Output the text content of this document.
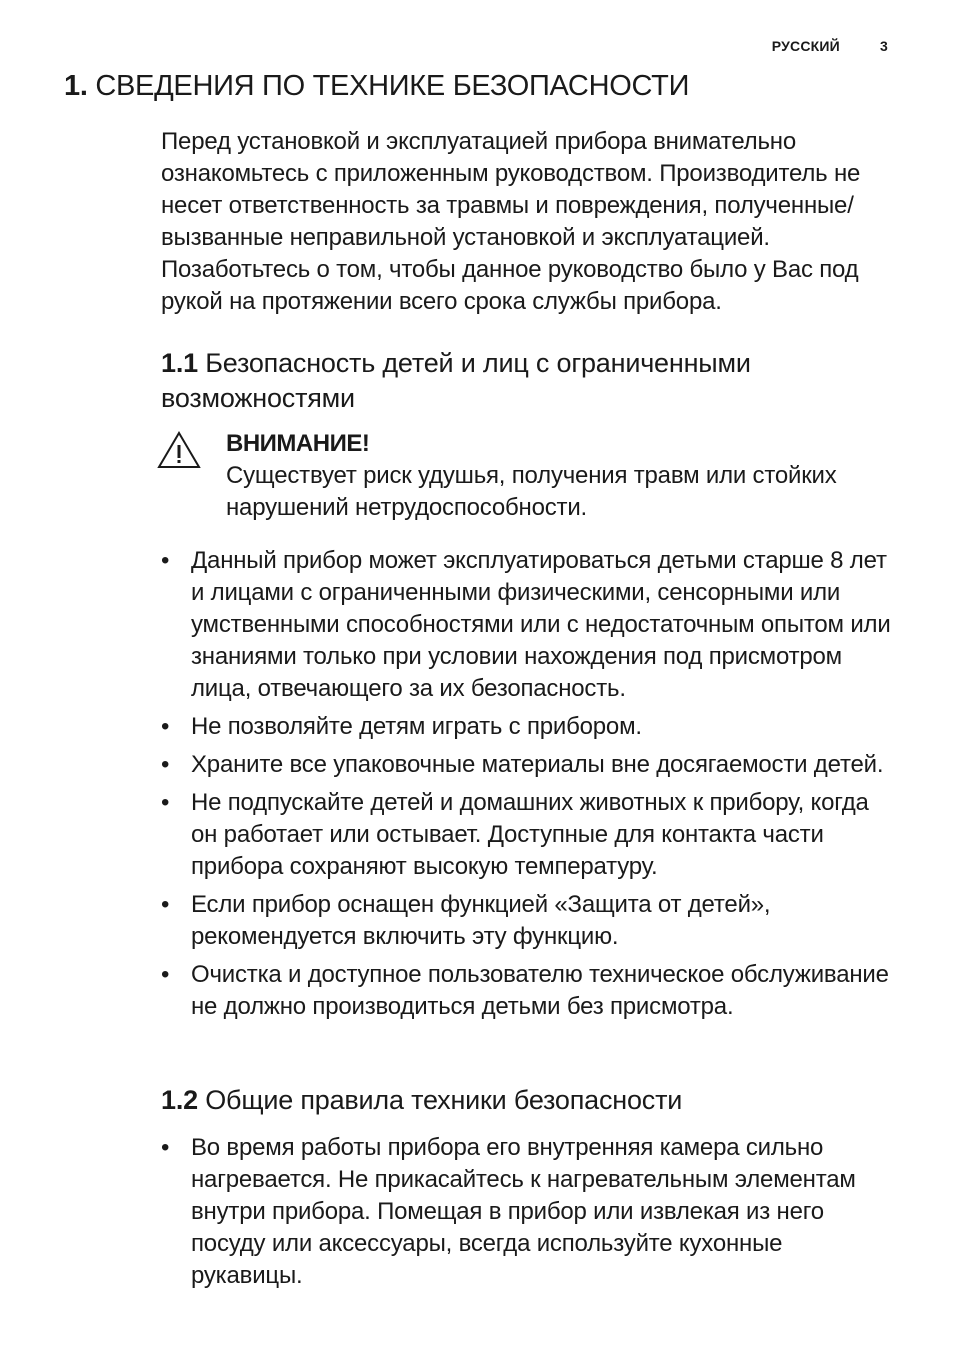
РУССКИЙ	3
1. СВЕДЕНИЯ ПО ТЕХНИКЕ БЕЗОПАСНОСТИ

Перед установкой и эксплуатацией прибора внимательно ознакомьтесь с приложенным руководством. Производитель не несет ответственность за травмы и повреждения, полученные/вызванные неправильной установкой и эксплуатацией. Позаботьтесь о том, чтобы данное руководство было у Вас под рукой на протяжении всего срока службы прибора.

1.1 Безопасность детей и лиц с ограниченными возможностями
ВНИМАНИЕ!
Существует риск удушья, получения травм или стойких нарушений нетрудоспособности.
• Данный прибор может эксплуатироваться детьми старше 8 лет и лицами с ограниченными физическими, сенсорными или умственными способностями или с недостаточным опытом или знаниями только при условии нахождения под присмотром лица, отвечающего за их безопасность.
• Не позволяйте детям играть с прибором.
• Храните все упаковочные материалы вне досягаемости детей.
• Не подпускайте детей и домашних животных к прибору, когда он работает или остывает. Доступные для контакта части прибора сохраняют высокую температуру.
• Если прибор оснащен функцией «Защита от детей», рекомендуется включить эту функцию.
• Очистка и доступное пользователю техническое обслуживание не должно производиться детьми без присмотра.
1.2 Общие правила техники безопасности
• Во время работы прибора его внутренняя камера сильно нагревается. Не прикасайтесь к нагревательным элементам внутри прибора. Помещая в прибор или извлекая из него посуду или аксессуары, всегда используйте кухонные рукавицы.
